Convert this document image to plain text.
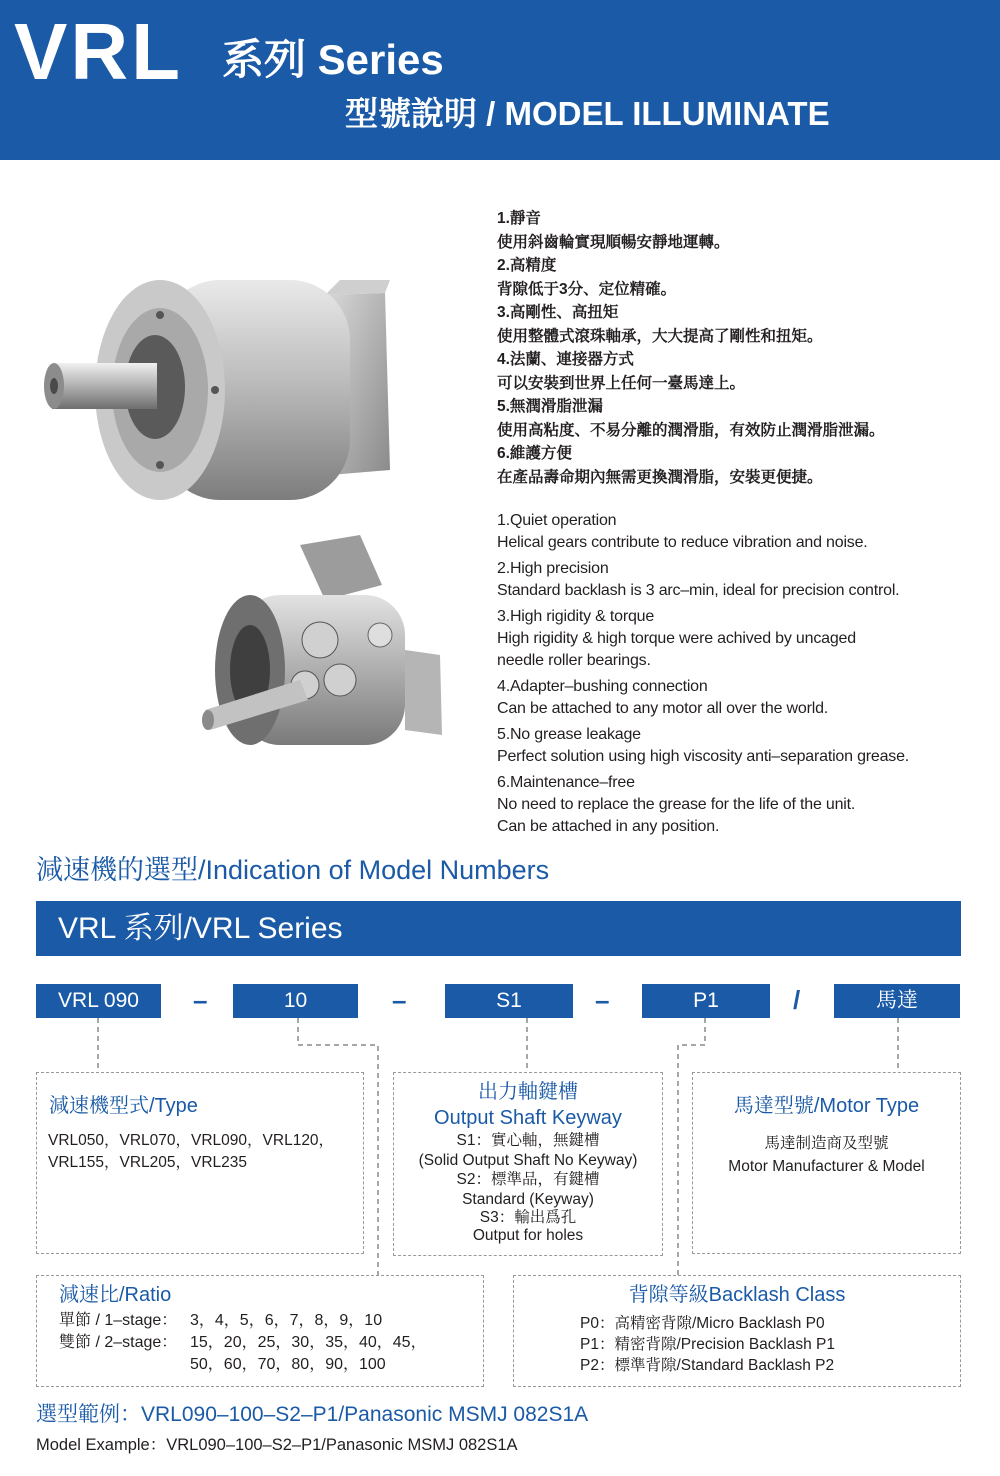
VRL 系列 Series
型號說明 / MODEL ILLUMINATE
1.靜音
使用斜齒輪實現順暢安靜地運轉。
2.高精度
背隙低于3分、定位精確。
3.高剛性、高扭矩
使用整體式滾珠軸承，大大提高了剛性和扭矩。
4.法蘭、連接器方式
可以安裝到世界上任何一臺馬達上。
5.無潤滑脂泄漏
使用高粘度、不易分離的潤滑脂，有效防止潤滑脂泄漏。
6.維護方便
在產品壽命期內無需更換潤滑脂，安裝更便捷。
1.Quiet operation
Helical gears contribute to reduce vibration and noise.
2.High precision
Standard backlash is 3 arc–min, ideal for precision control.
3.High rigidity & torque
High rigidity & high torque were achived by uncaged
needle roller bearings.
4.Adapter–bushing connection
Can be attached to any motor all over the world.
5.No grease leakage
Perfect solution using high viscosity anti–separation grease.
6.Maintenance–free
No need to replace the grease for the life of the unit.
Can be attached in any position.
減速機的選型/Indication of Model Numbers
VRL 系列/VRL Series
VRL 090	–	10	–	S1	–	P1	/	馬達
減速機型式/Type
VRL050，VRL070，VRL090，VRL120，
VRL155，VRL205，VRL235
出力軸鍵槽
Output Shaft Keyway
S1：實心軸，無鍵槽
(Solid Output Shaft No Keyway)
S2：標準品，有鍵槽
Standard (Keyway)
S3：輸出爲孔
Output for holes
馬達型號/Motor Type
馬達制造商及型號
Motor Manufacturer & Model
減速比/Ratio
單節 / 1–stage： 3，4，5，6，7，8，9，10
雙節 / 2–stage： 15，20，25，30，35，40，45，
50，60，70，80，90，100
背隙等級Backlash Class
P0：高精密背隙/Micro Backlash P0
P1：精密背隙/Precision Backlash P1
P2：標準背隙/Standard Backlash P2
選型範例：VRL090–100–S2–P1/Panasonic MSMJ 082S1A
Model Example：VRL090–100–S2–P1/Panasonic MSMJ 082S1A
